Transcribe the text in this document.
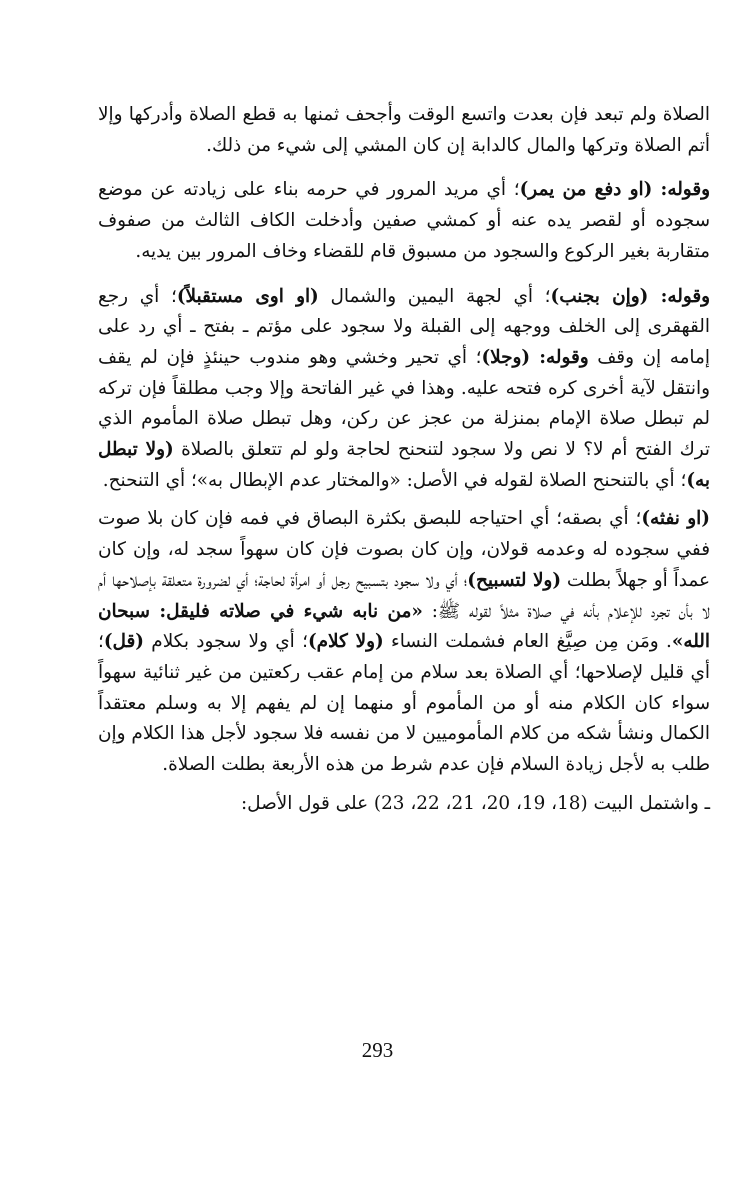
الصلاة ولم تبعد فإن بعدت واتسع الوقت وأجحف ثمنها به قطع الصلاة وأدركها وإلا أتم الصلاة وتركها والمال كالدابة إن كان المشي إلى شيء من ذلك.

وقوله: (او دفع من يمر)؛ أي مريد المرور في حرمه بناء على زيادته عن موضع سجوده أو لقصر يده عنه أو كمشي صفين وأدخلت الكاف الثالث من صفوف متقاربة بغير الركوع والسجود من مسبوق قام للقضاء وخاف المرور بين يديه.

وقوله: (وإن بجنب)؛ أي لجهة اليمين والشمال (او اوى مستقبلاً)؛ أي رجع القهقرى إلى الخلف ووجهه إلى القبلة ولا سجود على مؤتم ـ بفتح ـ أي رد على إمامه إن وقف وقوله: (وجلا)؛ أي تحير وخشي وهو مندوب حينئذٍ فإن لم يقف وانتقل لآية أخرى كره فتحه عليه. وهذا في غير الفاتحة وإلا وجب مطلقاً فإن تركه لم تبطل صلاة الإمام بمنزلة من عجز عن ركن، وهل تبطل صلاة المأموم الذي ترك الفتح أم لا؟ لا نص ولا سجود لتنحنح لحاجة ولو لم تتعلق بالصلاة (ولا تبطل به)؛ أي بالتنحنح الصلاة لقوله في الأصل: «والمختار عدم الإبطال به»؛ أي التنحنح.

(او نفثه)؛ أي بصقه؛ أي احتياجه للبصق بكثرة البصاق في فمه فإن كان بلا صوت ففي سجوده له وعدمه قولان، وإن كان بصوت فإن كان سهواً سجد له، وإن كان عمداً أو جهلاً بطلت (ولا لتسبيح)؛ أي ولا سجود بتسبيح رجل أو امرأة لحاجة؛ أي لضرورة متعلقة بإصلاحها أم لا بأن تجرد للإعلام بأنه في صلاة مثلاً لقوله ﷺ: «من نابه شيء في صلاته فليقل: سبحان الله». ومَن مِن صِيَّغ العام فشملت النساء (ولا كلام)؛ أي ولا سجود بكلام (قل)؛ أي قليل لإصلاحها؛ أي الصلاة بعد سلام من إمام عقب ركعتين من غير ثنائية سهواً سواء كان الكلام منه أو من المأموم أو منهما إن لم يفهم إلا به وسلم معتقداً الكمال ونشأ شكه من كلام المأموميين لا من نفسه فلا سجود لأجل هذا الكلام وإن طلب به لأجل زيادة السلام فإن عدم شرط من هذه الأربعة بطلت الصلاة.

ـ واشتمل البيت (18، 19، 20، 21، 22، 23) على قول الأصل:

293
